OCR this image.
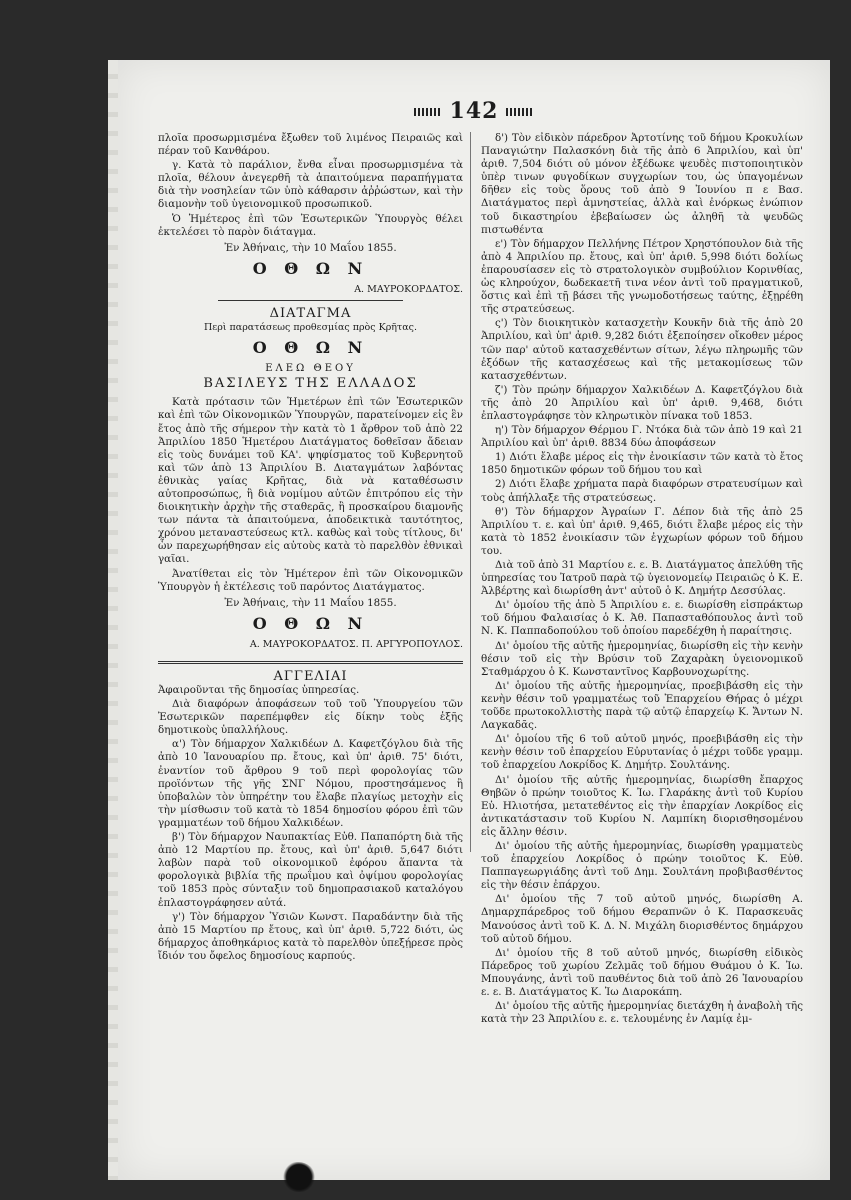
142

πλοῖα προσωρμισμένα ἔξωθεν τοῦ λιμένος Πειραιῶς καὶ πέραν τοῦ Κανθάρου.

γ. Κατὰ τὸ παράλιον, ἔνθα εἶναι προσωρμισμένα τὰ πλοῖα, θέλουν ἀνεγερθῆ τὰ ἀπαιτούμενα παραπήγματα διὰ τὴν νοσηλείαν τῶν ὑπὸ κάθαρσιν ἀῤῥώστων, καὶ τὴν διαμονὴν τοῦ ὑγειονομικοῦ προσωπικοῦ.

Ὁ Ἡμέτερος ἐπὶ τῶν Ἐσωτερικῶν Ὑπουργὸς θέλει ἐκτελέσει τὸ παρὸν διάταγμα.

Ἐν Ἀθήναις, τὴν 10 Μαΐου 1855.

Ο Θ Ω Ν

Α. ΜΑΥΡΟΚΟΡΔΑΤΟΣ.

ΔΙΑΤΑΓΜΑ

Περὶ παρατάσεως προθεσμίας πρὸς Κρῆτας.

Ο Θ Ω Ν

ΕΛΕΩ ΘΕΟΥ

ΒΑΣΙΛΕΥΣ ΤΗΣ ΕΛΛΑΔΟΣ

Κατὰ πρότασιν τῶν Ἡμετέρων ἐπὶ τῶν Ἐσωτερικῶν καὶ ἐπὶ τῶν Οἰκονομικῶν Ὑπουργῶν, παρατείνομεν εἰς ἓν ἔτος ἀπὸ τῆς σήμερον τὴν κατὰ τὸ 1 ἄρθρον τοῦ ἀπὸ 22 Ἀπριλίου 1850 Ἡμετέρου Διατάγματος δοθεῖσαν ἄδειαν εἰς τοὺς δυνάμει τοῦ ΚΑ'. ψηφίσματος τοῦ Κυβερνητοῦ καὶ τῶν ἀπὸ 13 Ἀπριλίου Β. Διαταγμάτων λαβόντας ἐθνικὰς γαίας Κρῆτας, διὰ νὰ καταθέσωσιν αὐτοπροσώπως, ἢ διὰ νομίμου αὐτῶν ἐπιτρόπου εἰς τὴν διοικητικὴν ἀρχὴν τῆς σταθερᾶς, ἢ προσκαίρου διαμονῆς των πάντα τὰ ἀπαιτούμενα, ἀποδεικτικὰ ταυτότητος, χρόνου μεταναστεύσεως κτλ. καθὼς καὶ τοὺς τίτλους, δι' ὧν παρεχωρήθησαν εἰς αὐτοὺς κατὰ τὸ παρελθὸν ἐθνικαὶ γαῖαι.

Ἀνατίθεται εἰς τὸν Ἡμέτερον ἐπὶ τῶν Οἰκονομικῶν Ὑπουργὸν ἡ ἐκτέλεσις τοῦ παρόντος Διατάγματος.

Ἐν Ἀθήναις, τὴν 11 Μαΐου 1855.

Ο Θ Ω Ν

Α. ΜΑΥΡΟΚΟΡΔΑΤΟΣ. Π. ΑΡΓΥΡΟΠΟΥΛΟΣ.

ΑΓΓΕΛΙΑΙ

Ἀφαιροῦνται τῆς δημοσίας ὑπηρεσίας.

Διὰ διαφόρων ἀποφάσεων τοῦ τοῦ Ὑπουργείου τῶν Ἐσωτερικῶν παρεπέμφθεν εἰς δίκην τοὺς ἑξῆς δημοτικοὺς ὑπαλλήλους.

α') Τὸν δήμαρχον Χαλκιδέων Δ. Καφετζόγλου διὰ τῆς ἀπὸ 10 Ἰανουαρίου πρ. ἔτους, καὶ ὑπ' ἀριθ. 75' διότι, ἐναντίον τοῦ ἄρθρου 9 τοῦ περὶ φορολογίας τῶν προϊόντων τῆς γῆς ΣΝΓ Νόμου, προστησάμενος ἢ ὑποβαλὼν τὸν ὑπηρέτην του ἔλαβε πλαγίως μετοχὴν εἰς τὴν μίσθωσιν τοῦ κατὰ τὸ 1854 δημοσίου φόρου ἐπὶ τῶν γραμματέων τοῦ δήμου Χαλκιδέων.

β') Τὸν δήμαρχον Ναυπακτίας Εὐθ. Παπαπόρτη διὰ τῆς ἀπὸ 12 Μαρτίου πρ. ἔτους, καὶ ὑπ' ἀριθ. 5,647 διότι λαβὼν παρὰ τοῦ οἰκονομικοῦ ἐφόρου ἅπαντα τὰ φορολογικὰ βιβλία τῆς πρωΐμου καὶ ὀψίμου φορολογίας τοῦ 1853 πρὸς σύνταξιν τοῦ δημοπρασιακοῦ καταλόγου ἐπλαστογράφησεν αὐτά.

γ') Τὸν δήμαρχον Ὑσιῶν Κωνστ. Παραδάντην διὰ τῆς ἀπὸ 15 Μαρτίου πρ ἔτους, καὶ ὑπ' ἀριθ. 5,722 διότι, ὡς δήμαρχος ἀποθηκάριος κατὰ τὸ παρελθὸν ὑπεξῄρεσε πρὸς ἴδιόν του ὄφελος δημοσίους καρπούς.

δ') Τὸν εἰδικὸν πάρεδρον Ἀρτοτίνης τοῦ δήμου Κροκυλίων Παναγιώτην Παλασκόνη διὰ τῆς ἀπὸ 6 Ἀπριλίου, καὶ ὑπ' ἀριθ. 7,504 διότι οὐ μόνον ἐξέδωκε ψευδὲς πιστοποιητικὸν ὑπὲρ τινων φυγοδίκων συγχωρίων του, ὡς ὑπαγομένων δῆθεν εἰς τοὺς ὅρους τοῦ ἀπὸ 9 Ἰουνίου π ε Βασ. Διατάγματος περὶ ἀμνηστείας, ἀλλὰ καὶ ἐνόρκως ἐνώπιον τοῦ δικαστηρίου ἐβεβαίωσεν ὡς ἀληθῆ τὰ ψευδῶς πιστωθέντα

ε') Τὸν δήμαρχον Πελλήνης Πέτρον Χρηστόπουλον διὰ τῆς ἀπὸ 4 Ἀπριλίου πρ. ἔτους, καὶ ὑπ' ἀριθ. 5,998 διότι δολίως ἐπαρουσίασεν εἰς τὸ στρατολογικὸν συμβούλιον Κορινθίας, ὡς κληρούχον, δωδεκαετῆ τινα νέον ἀντὶ τοῦ πραγματικοῦ, ὅστις καὶ ἐπὶ τῇ βάσει τῆς γνωμοδοτήσεως ταύτης, ἐξῃρέθη τῆς στρατεύσεως.

ς') Τὸν διοικητικὸν κατασχετὴν Κουκῆν διὰ τῆς ἀπὸ 20 Ἀπριλίου, καὶ ὑπ' ἀριθ. 9,282 διότι ἐξεποίησεν οἴκοθεν μέρος τῶν παρ' αὐτοῦ κατασχεθέντων σίτων, λέγω πληρωμῆς τῶν ἐξόδων τῆς κατασχέσεως καὶ τῆς μετακομίσεως τῶν κατασχεθέντων.

ζ') Τὸν πρώην δήμαρχον Χαλκιδέων Δ. Καφετζόγλου διὰ τῆς ἀπὸ 20 Ἀπριλίου καὶ ὑπ' ἀριθ. 9,468, διότι ἐπλαστογράφησε τὸν κληρωτικὸν πίνακα τοῦ 1853.

η') Τὸν δήμαρχον Θέρμου Γ. Ντόκα διὰ τῶν ἀπὸ 19 καὶ 21 Ἀπριλίου καὶ ὑπ' ἀριθ. 8834 δύω ἀποφάσεων

1) Διότι ἔλαβε μέρος εἰς τὴν ἐνοικίασιν τῶν κατὰ τὸ ἔτος 1850 δημοτικῶν φόρων τοῦ δήμου του καὶ

2) Διότι ἔλαβε χρήματα παρὰ διαφόρων στρατευσίμων καὶ τοὺς ἀπήλλαξε τῆς στρατεύσεως.

θ') Τὸν δήμαρχον Ἀγραίων Γ. Δέπον διὰ τῆς ἀπὸ 25 Ἀπριλίου τ. ε. καὶ ὑπ' ἀριθ. 9,465, διότι ἔλαβε μέρος εἰς τὴν κατὰ τὸ 1852 ἐνοικίασιν τῶν ἐγχωρίων φόρων τοῦ δήμου του.

Διὰ τοῦ ἀπὸ 31 Μαρτίου ε. ε. Β. Διατάγματος ἀπελύθη τῆς ὑπηρεσίας του Ἰατροῦ παρὰ τῷ ὑγειονομείῳ Πειραιῶς ὁ Κ. Ε. Ἀλβέρτης καὶ διωρίσθη ἀντ' αὐτοῦ ὁ Κ. Δημήτρ Δεσσύλας.

Δι' ὁμοίου τῆς ἀπὸ 5 Ἀπριλίου ε. ε. διωρίσθη εἰσπράκτωρ τοῦ δήμου Φαλαισίας ὁ Κ. Ἀθ. Παπασταθόπουλος ἀντὶ τοῦ Ν. Κ. Παππαδοπούλου τοῦ ὁποίου παρεδέχθη ἡ παραίτησις.

Δι' ὁμοίου τῆς αὐτῆς ἡμερομηνίας, διωρίσθη εἰς τὴν κενὴν θέσιν τοῦ εἰς τὴν Βρύσιν τοῦ Ζαχαρὰκη ὑγειονομικοῦ Σταθμάρχου ὁ Κ. Κωνσταντῖνος Καρβουνοχωρίτης.

Δι' ὁμοίου τῆς αὐτῆς ἡμερομηνίας, προεβιβάσθη εἰς τὴν κενὴν θέσιν τοῦ γραμματέως τοῦ Ἐπαρχείου Θήρας ὁ μέχρι τοῦδε πρωτοκολλιστὴς παρὰ τῷ αὐτῷ ἐπαρχείῳ Κ. Ἄντων Ν. Λαγκαδᾶς.

Δι' ὁμοίου τῆς 6 τοῦ αὐτοῦ μηνός, προεβιβάσθη εἰς τὴν κενὴν θέσιν τοῦ ἐπαρχείου Εὐρυτανίας ὁ μέχρι τοῦδε γραμμ. τοῦ ἐπαρχείου Λοκρίδος Κ. Δημήτρ. Σουλτάνης.

Δι' ὁμοίου τῆς αὐτῆς ἡμερομηνίας, διωρίσθη ἔπαρχος Θηβῶν ὁ πρώην τοιοῦτος Κ. Ἰω. Γλαράκης ἀντὶ τοῦ Κυρίου Εὐ. Ηλιοτήσα, μετατεθέντος εἰς τὴν ἐπαρχίαν Λοκρίδος εἰς ἀντικατάστασιν τοῦ Κυρίου Ν. Λαμπίκη διορισθησομένου εἰς ἄλλην θέσιν.

Δι' ὁμοίου τῆς αὐτῆς ἡμερομηνίας, διωρίσθη γραμματεὺς τοῦ ἐπαρχείου Λοκρίδος ὁ πρώην τοιοῦτος Κ. Εὐθ. Παππαγεωργιάδης ἀντὶ τοῦ Δημ. Σουλτάνη προβιβασθέντος εἰς τὴν θέσιν ἐπάρχου.

Δι' ὁμοίου τῆς 7 τοῦ αὐτοῦ μηνός, διωρίσθη Α. Δημαρχπάρεδρος τοῦ δήμου Θεραπνῶν ὁ Κ. Παρασκευᾶς Μανούσος ἀντὶ τοῦ Κ. Δ. Ν. Μιχάλη διορισθέντος δημάρχου τοῦ αὐτοῦ δήμου.

Δι' ὁμοίου τῆς 8 τοῦ αὐτοῦ μηνός, διωρίσθη εἰδικὸς Πάρεδρος τοῦ χωρίου Ζελμᾶς τοῦ δήμου Θυάμου ὁ Κ. Ἰω. Μπουγάνης, ἀντὶ τοῦ παυθέντος διὰ τοῦ ἀπὸ 26 Ἰανουαρίου ε. ε. Β. Διατάγματος Κ. Ἰω Διαροκάπη.

Δι' ὁμοίου τῆς αὐτῆς ἡμερομηνίας διετάχθη ἡ ἀναβολὴ τῆς κατὰ τὴν 23 Ἀπριλίου ε. ε. τελουμένης ἐν Λαμίᾳ ἐμ-
